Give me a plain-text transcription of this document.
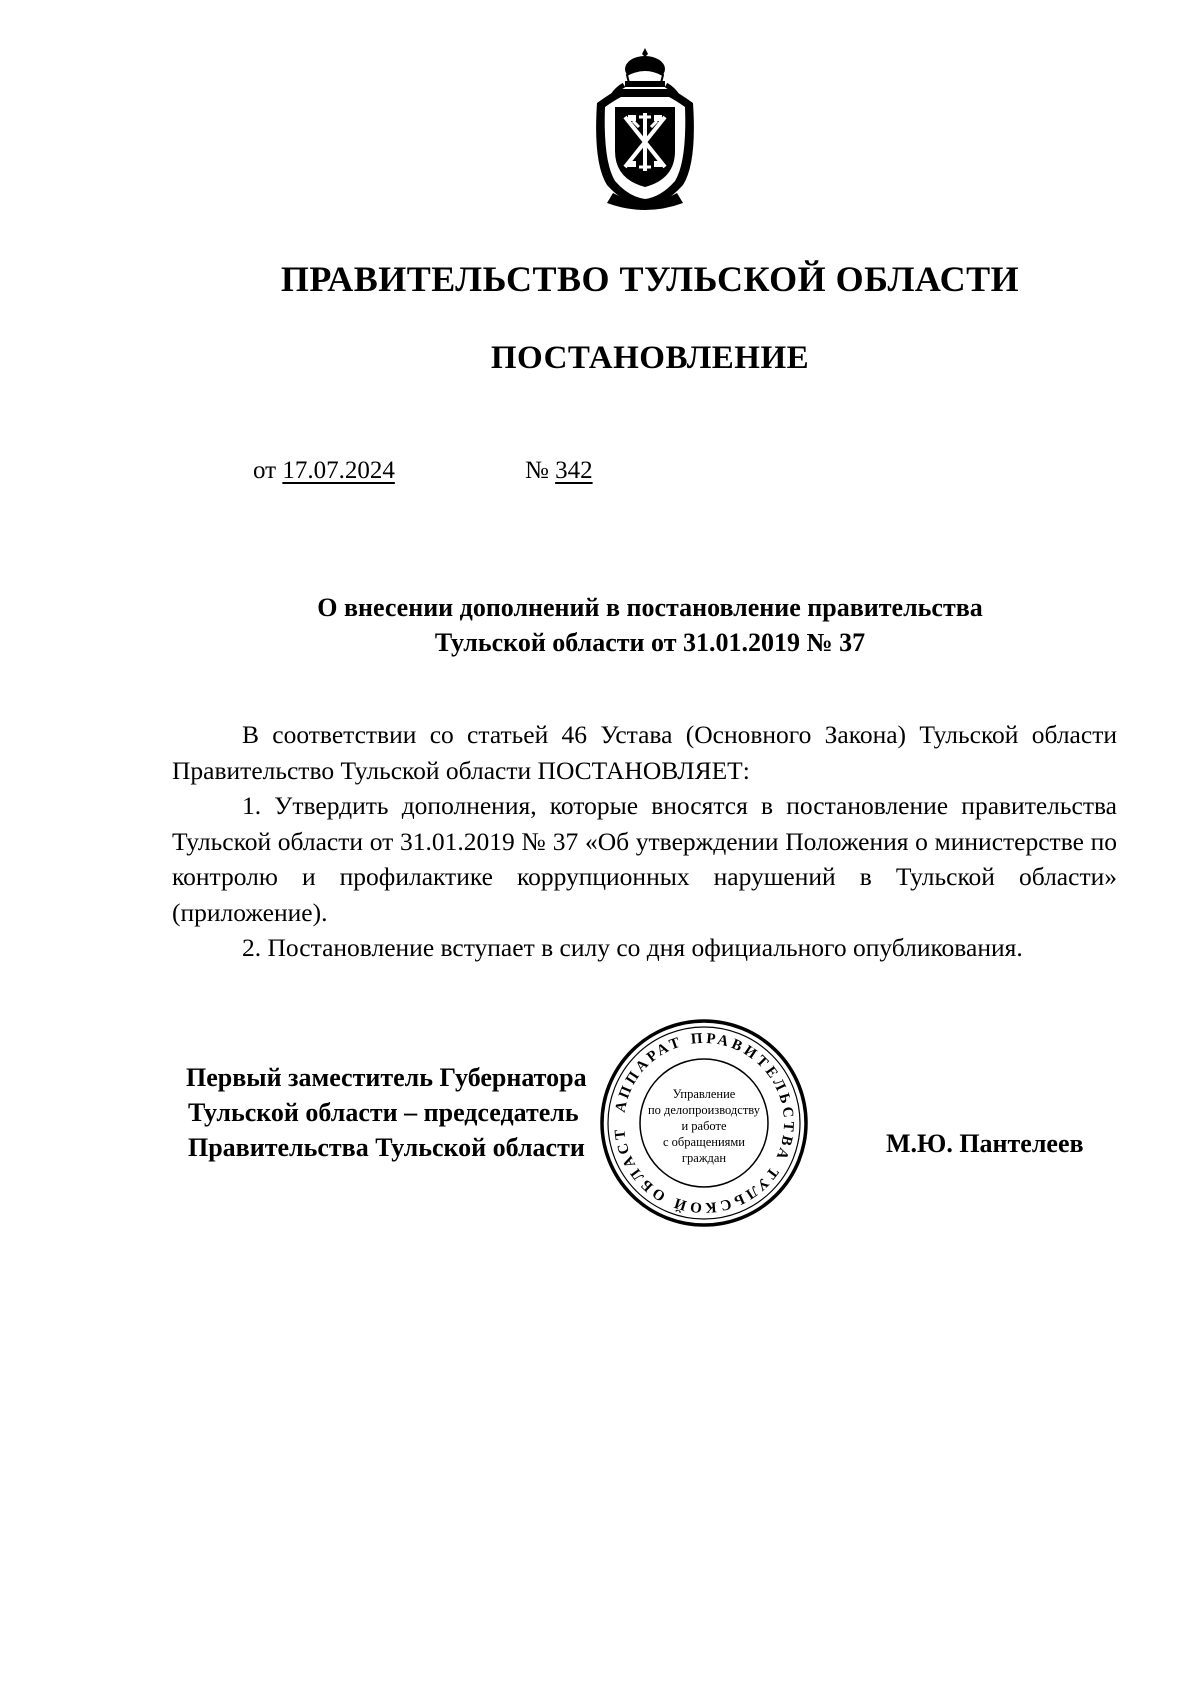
ПРАВИТЕЛЬСТВО ТУЛЬСКОЙ ОБЛАСТИ
ПОСТАНОВЛЕНИЕ
от 17.07.2024	№ 342
О внесении дополнений в постановление правительства
Тульской области от 31.01.2019 № 37

В соответствии со статьей 46 Устава (Основного Закона) Тульской области Правительство Тульской области ПОСТАНОВЛЯЕТ:

1. Утвердить дополнения, которые вносятся в постановление правительства Тульской области от 31.01.2019 № 37 «Об утверждении Положения о министерстве по контролю и профилактике коррупционных нарушений в Тульской области» (приложение).

2. Постановление вступает в силу со дня официального опубликования.

АППАРАТ ПРАВИТЕЛЬСТВА ТУЛЬСКОЙ ОБЛАСТИ
Управление
по делопроизводству
и работе
с обращениями
граждан
Первый заместитель Губернатора
Тульской области – председатель
Правительства Тульской области	М.Ю. Пантелеев
